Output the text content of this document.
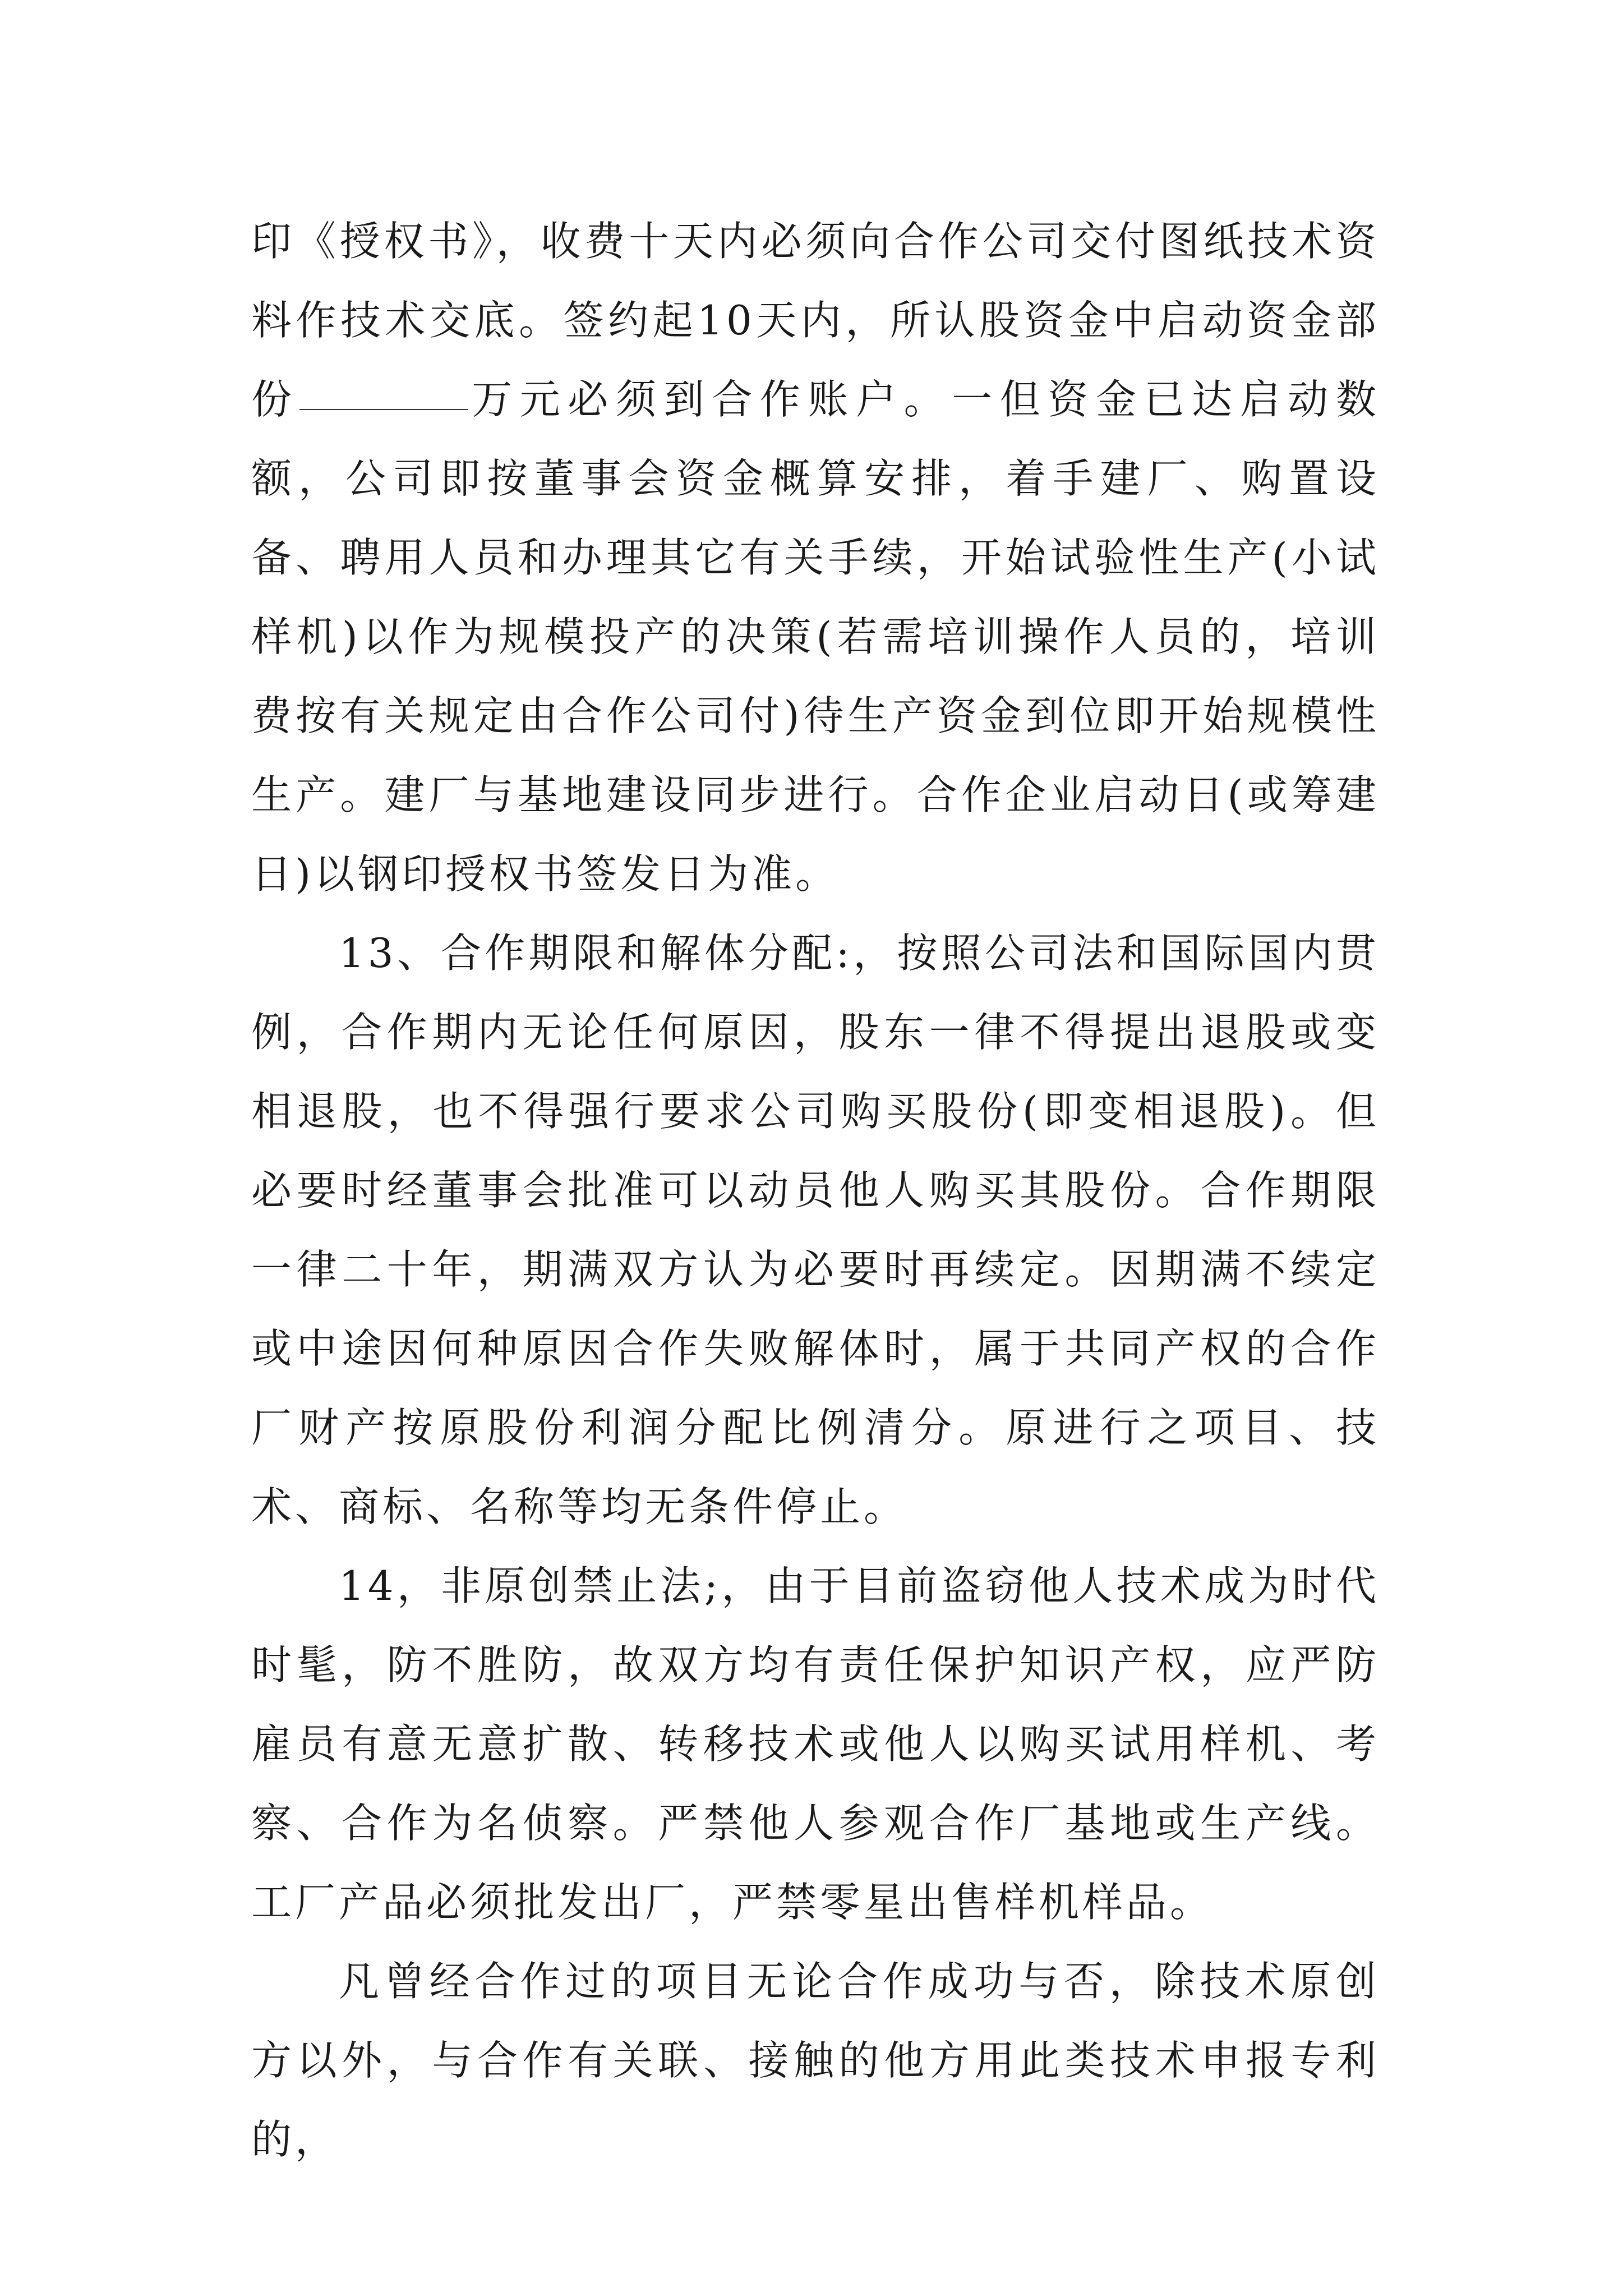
印《授权书》，收费十天内必须向合作公司交付图纸技术资料作技术交底。签约起10天内，所认股资金中启动资金部份	万元必须到合作账户。一但资金已达启动数额，公司即按董事会资金概算安排，着手建厂、购置设备、聘用人员和办理其它有关手续，开始试验性生产(小试样机)以作为规模投产的决策(若需培训操作人员的，培训费按有关规定由合作公司付)待生产资金到位即开始规模性生产。建厂与基地建设同步进行。合作企业启动日(或筹建日)以钢印授权书签发日为准。

13、合作期限和解体分配:，按照公司法和国际国内贯例，合作期内无论任何原因，股东一律不得提出退股或变相退股，也不得强行要求公司购买股份(即变相退股)。但必要时经董事会批准可以动员他人购买其股份。合作期限一律二十年，期满双方认为必要时再续定。因期满不续定或中途因何种原因合作失败解体时，属于共同产权的合作厂财产按原股份利润分配比例清分。原进行之项目、技术、商标、名称等均无条件停止。

14，非原创禁止法;，由于目前盗窃他人技术成为时代时髦，防不胜防，故双方均有责任保护知识产权，应严防雇员有意无意扩散、转移技术或他人以购买试用样机、考察、合作为名侦察。严禁他人参观合作厂基地或生产线。工厂产品必须批发出厂，严禁零星出售样机样品。

凡曾经合作过的项目无论合作成功与否，除技术原创方以外，与合作有关联、接触的他方用此类技术申报专利的，
